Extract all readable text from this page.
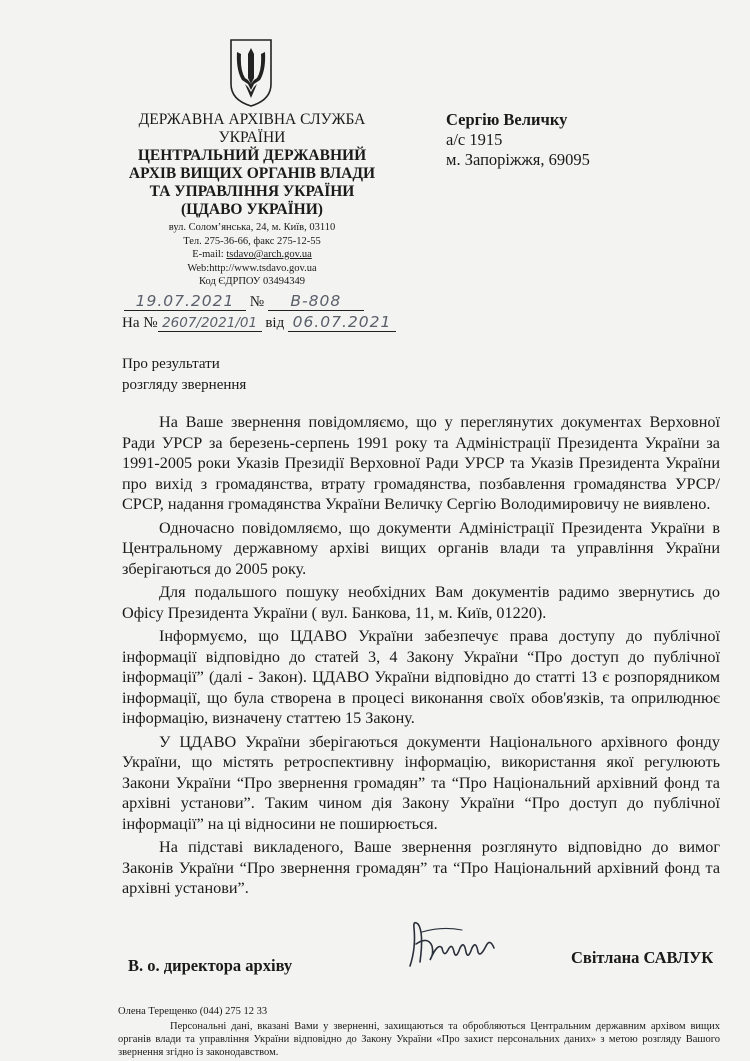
ДЕРЖАВНА АРХІВНА СЛУЖБА
УКРАЇНИ
ЦЕНТРАЛЬНИЙ ДЕРЖАВНИЙ
АРХІВ ВИЩИХ ОРГАНІВ ВЛАДИ
ТА УПРАВЛІННЯ УКРАЇНИ
(ЦДАВО УКРАЇНИ)
вул. Солом’янська, 24, м. Київ, 03110
Тел. 275-36-66, факс 275-12-55
E-mail: tsdavo@arch.gov.ua
Web:http://www.tsdavo.gov.ua
Код ЄДРПОУ 03494349
Сергію Величку
а/с 1915
м. Запоріжжя, 69095
19.07.2021 № В-808
На № 2607/2021/01 від 06.07.2021
Про результати
розгляду звернення

На Ваше звернення повідомляємо, що у переглянутих документах Верховної Ради УРСР за березень-серпень 1991 року та Адміністрації Президента України за 1991-2005 роки Указів Президії Верховної Ради УРСР та Указів Президента України про вихід з громадянства, втрату громадянства, позбавлення громадянства УРСР/СРСР, надання громадянства України Величку Сергію Володимировичу не виявлено.

Одночасно повідомляємо, що документи Адміністрації Президента України в Центральному державному архіві вищих органів влади та управління України зберігаються до 2005 року.

Для подальшого пошуку необхідних Вам документів радимо звернутись до Офісу Президента України ( вул. Банкова, 11, м. Київ, 01220).

Інформуємо, що ЦДАВО України забезпечує права доступу до публічної інформації відповідно до статей 3, 4 Закону України “Про доступ до публічної інформації” (далі - Закон). ЦДАВО України відповідно до статті 13 є розпорядником інформації, що була створена в процесі виконання своїх обов'язків, та оприлюднює інформацію, визначену статтею 15 Закону.

У ЦДАВО України зберігаються документи Національного архівного фонду України, що містять ретроспективну інформацію, використання якої регулюють Закони України “Про звернення громадян” та “Про Національний архівний фонд та архівні установи”. Таким чином дія Закону України “Про доступ до публічної інформації” на ці відносини не поширюється.

На підставі викладеного, Ваше звернення розглянуто відповідно до вимог Законів України “Про звернення громадян” та “Про Національний архівний фонд та архівні установи”.

В. о. директора архіву	Світлана САВЛУК
Олена Терещенко (044) 275 12 33
Персональні дані, вказані Вами у зверненні, захищаються та обробляються Центральним державним архівом вищих органів влади та управління України відповідно до Закону України «Про захист персональних даних» з метою розгляду Вашого звернення згідно із законодавством.
